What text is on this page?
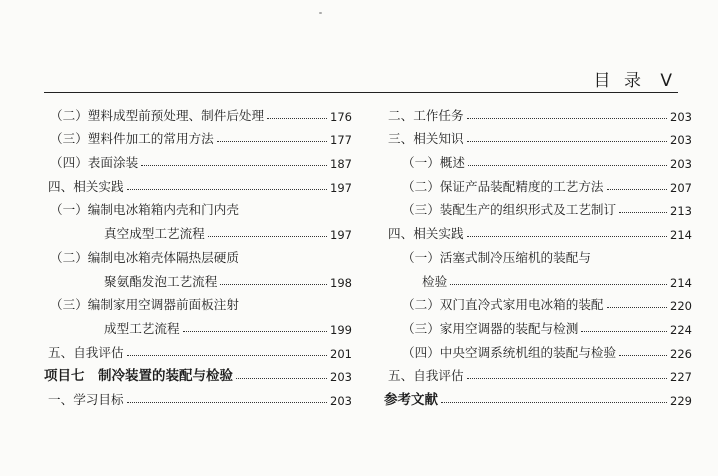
目 录 V
（二）塑料成型前预处理、制件后处理	176
（三）塑料件加工的常用方法	177
（四）表面涂装	187
四、相关实践	197
（一）编制电冰箱箱内壳和门内壳
真空成型工艺流程	197
（二）编制电冰箱壳体隔热层硬质
聚氨酯发泡工艺流程	198
（三）编制家用空调器前面板注射
成型工艺流程	199
五、自我评估	201
项目七　制冷装置的装配与检验	203
一、学习目标	203
二、工作任务	203
三、相关知识	203
（一）概述	203
（二）保证产品装配精度的工艺方法	207
（三）装配生产的组织形式及工艺制订	213
四、相关实践	214
（一）活塞式制冷压缩机的装配与
检验	214
（二）双门直冷式家用电冰箱的装配	220
（三）家用空调器的装配与检测	224
（四）中央空调系统机组的装配与检验	226
五、自我评估	227
参考文献	229
